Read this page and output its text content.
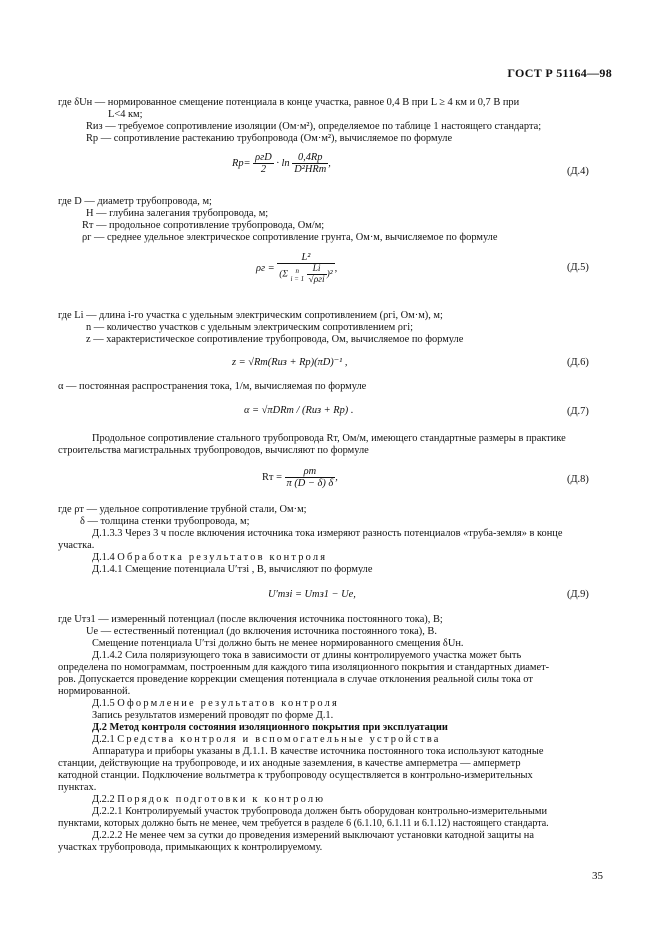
ГОСТ Р 51164—98
где δU​н — нормированное смещение потенциала в конце участка, равное 0,4 В при L ≥ 4 км и 0,7 В при
L<4 км;
Rиз — требуемое сопротивление изоляции (Ом·м²), определяемое по таблице 1 настоящего стандарта;
Rр — сопротивление растеканию трубопровода (Ом·м²), вычисляемое по формуле
Rр=
ρгD
2
· ln
0,4Rр
D²HRт
,
(Д.4)
где D — диаметр трубопровода, м;
H — глубина залегания трубопровода, м;
Rт — продольное сопротивление трубопровода, Ом/м;
ρг — среднее удельное электрическое сопротивление грунта, Ом·м, вычисляемое по формуле
ρг =
L²
(Σ	n
i = 1

Li
√ρгi
)²
,	(Д.5)
где Li — длина i-го участка с удельным электрическим сопротивлением (ρгi, Ом·м), м;
n — количество участков с удельным электрическим сопротивлением ρгi;
z — характеристическое сопротивление трубопровода, Ом, вычисляемое по формуле
z = √Rт(Rиз + Rр)(πD)⁻¹ ,	(Д.6)
α — постоянная распространения тока, 1/м, вычисляемая по формуле
α = √πDRт / (Rиз + Rр) .	(Д.7)
Продольное сопротивление стального трубопровода Rт, Ом/м, имеющего стандартные размеры в практике
строительства магистральных трубопроводов, вычисляют по формуле
Rт =
ρт
π (D − δ) δ
,	(Д.8)
где ρт — удельное сопротивление трубной стали, Ом·м;
δ — толщина стенки трубопровода, м;
Д.1.3.3 Через 3 ч после включения источника тока измеряют разность потенциалов «труба-земля» в конце
участка.
Д.1.4 Обработка результатов контроля
Д.1.4.1 Смещение потенциала U′тзi , В, вычисляют по формуле
U′тзi = Uтз1 − Uе,	(Д.9)
где Uтз1 — измеренный потенциал (после включения источника постоянного тока), В;
Uе — естественный потенциал (до включения источника постоянного тока), В.
Смещение потенциала U′тзi должно быть не менее нормированного смещения δUн.
Д.1.4.2 Сила поляризующего тока в зависимости от длины контролируемого участка может быть
определена по номограммам, построенным для каждого типа изоляционного покрытия и стандартных диамет-
ров. Допускается проведение коррекции смещения потенциала в случае отклонения реальной силы тока от
нормированной.
Д.1.5 Оформление результатов контроля
Запись результатов измерений проводят по форме Д.1.
Д.2 Метод контроля состояния изоляционного покрытия при эксплуатации
Д.2.1 Средства контроля и вспомогательные устройства
Аппаратура и приборы указаны в Д.1.1. В качестве источника постоянного тока используют катодные
станции, действующие на трубопроводе, и их анодные заземления, в качестве амперметра — амперметр
катодной станции. Подключение вольтметра к трубопроводу осуществляется в контрольно-измерительных
пунктах.
Д.2.2 Порядок подготовки к контролю
Д.2.2.1 Контролируемый участок трубопровода должен быть оборудован контрольно-измерительными
пунктами, которых должно быть не менее, чем требуется в разделе 6 (6.1.10, 6.1.11 и 6.1.12) настоящего стандарта.
Д.2.2.2 Не менее чем за сутки до проведения измерений выключают установки катодной защиты на
участках трубопровода, примыкающих к контролируемому.
35
